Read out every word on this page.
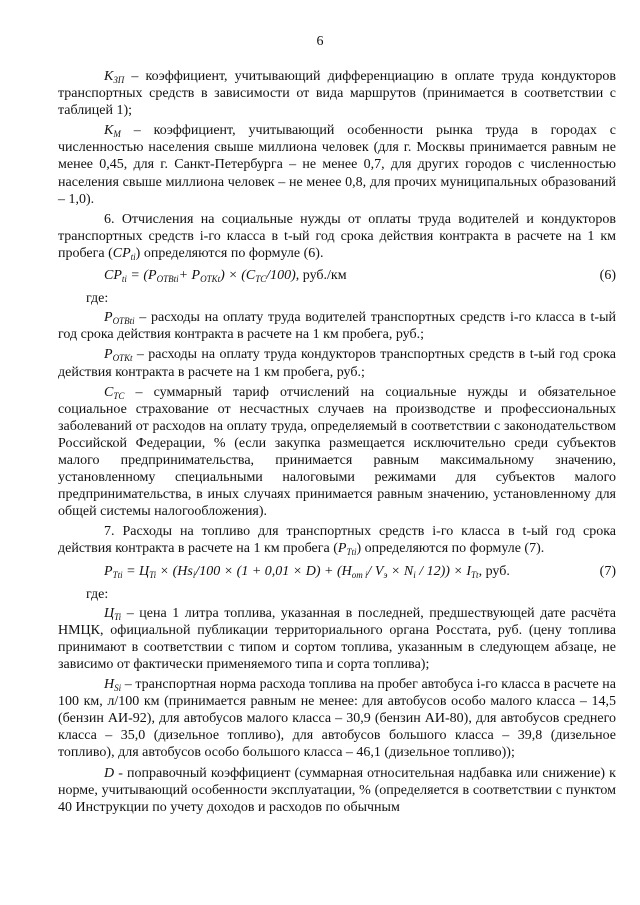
6

$K_{ЗП}$ – коэффициент, учитывающий дифференциацию в оплате труда кондукторов транспортных средств в зависимости от вида маршрутов (принимается в соответствии с таблицей 1);

$K_М$ – коэффициент, учитывающий особенности рынка труда в городах с численностью населения свыше миллиона человек (для г. Москвы принимается равным не менее 0,45, для г. Санкт-Петербурга – не менее 0,7, для других городов с численностью населения свыше миллиона человек – не менее 0,8, для прочих муниципальных образований – 1,0).

6. Отчисления на социальные нужды от оплаты труда водителей и кондукторов транспортных средств i-го класса в t-ый год срока действия контракта в расчете на 1 км пробега $(CP_{ti})$ определяются по формуле (6).

$CP_{ti} = (P_{ОТВti}+ P_{ОТКt}) \times (C_{TC}/100)$, руб./км	(6)
где:

$P_{ОТВti}$ – расходы на оплату труда водителей транспортных средств i-го класса в t-ый год срока действия контракта в расчете на 1 км пробега, руб.;

$P_{ОТКt}$ – расходы на оплату труда кондукторов транспортных средств в t-ый год срока действия контракта в расчете на 1 км пробега, руб.;

$C_{TC}$ – суммарный тариф отчислений на социальные нужды и обязательное социальное страхование от несчастных случаев на производстве и профессиональных заболеваний от расходов на оплату труда, определяемый в соответствии с законодательством Российской Федерации, % (если закупка размещается исключительно среди субъектов малого предпринимательства, принимается равным максимальному значению, установленному специальными налоговыми режимами для субъектов малого предпринимательства, в иных случаях принимается равным значению, установленному для общей системы налогообложения).

7. Расходы на топливо для транспортных средств i-го класса в t-ый год срока действия контракта в расчете на 1 км пробега $(P_{Tti})$ определяются по формуле (7).

$P_{Tti} = Ц_{Ti} \times (Hs_i/100 \times (1 + 0,01 \times D) + (H_{от i}/$ $V_э \times N_i / 12)) \times I_{Tt}$, руб.	(7)
где:

$Ц_{Ti}$ – цена 1 литра топлива, указанная в последней, предшествующей дате расчёта НМЦК, официальной публикации территориального органа Росстата, руб. (цену топлива принимают в соответствии с типом и сортом топлива, указанным в следующем абзаце, не зависимо от фактически применяемого типа и сорта топлива);

$H_{Si}$ – транспортная норма расхода топлива на пробег автобуса i-го класса в расчете на 100 км, л/100 км (принимается равным не менее: для автобусов особо малого класса – 14,5 (бензин АИ-92), для автобусов малого класса – 30,9 (бензин АИ-80), для автобусов среднего класса – 35,0 (дизельное топливо), для автобусов большого класса – 39,8 (дизельное топливо), для автобусов особо большого класса – 46,1 (дизельное топливо));

D - поправочный коэффициент (суммарная относительная надбавка или снижение) к норме, учитывающий особенности эксплуатации, % (определяется в соответствии с пунктом 40 Инструкции по учету доходов и расходов по обычным
